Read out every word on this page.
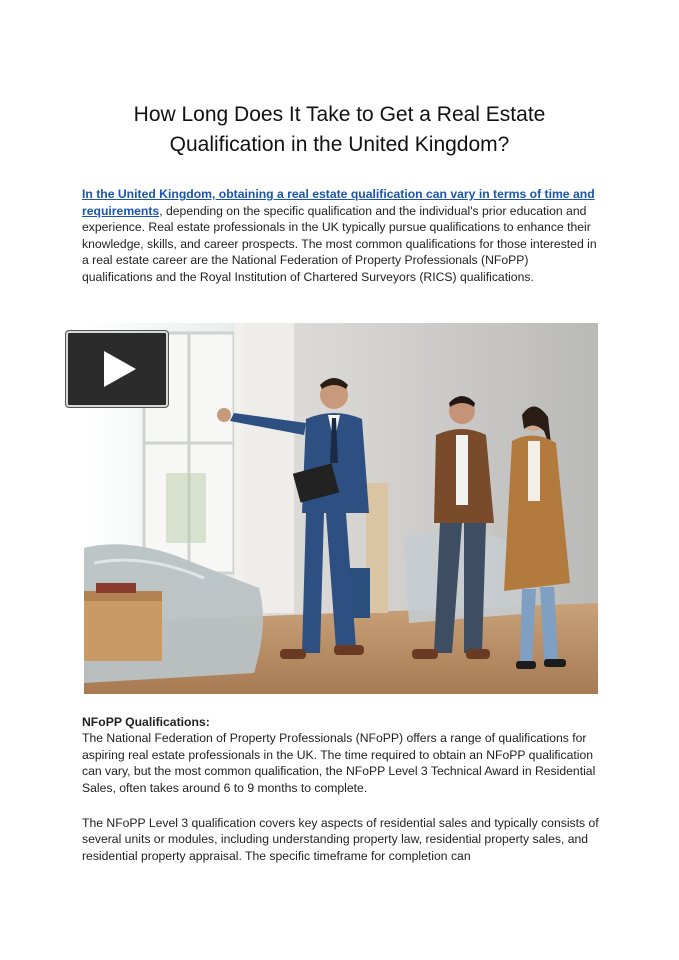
How Long Does It Take to Get a Real Estate
Qualification in the United Kingdom?

In the United Kingdom, obtaining a real estate qualification can vary in terms of time and requirements, depending on the specific qualification and the individual's prior education and experience. Real estate professionals in the UK typically pursue qualifications to enhance their knowledge, skills, and career prospects. The most common qualifications for those interested in a real estate career are the National Federation of Property Professionals (NFoPP) qualifications and the Royal Institution of Chartered Surveyors (RICS) qualifications.

NFoPP Qualifications:
The National Federation of Property Professionals (NFoPP) offers a range of qualifications for aspiring real estate professionals in the UK. The time required to obtain an NFoPP qualification can vary, but the most common qualification, the NFoPP Level 3 Technical Award in Residential Sales, often takes around 6 to 9 months to complete.

The NFoPP Level 3 qualification covers key aspects of residential sales and typically consists of several units or modules, including understanding property law, residential property sales, and residential property appraisal. The specific timeframe for completion can
